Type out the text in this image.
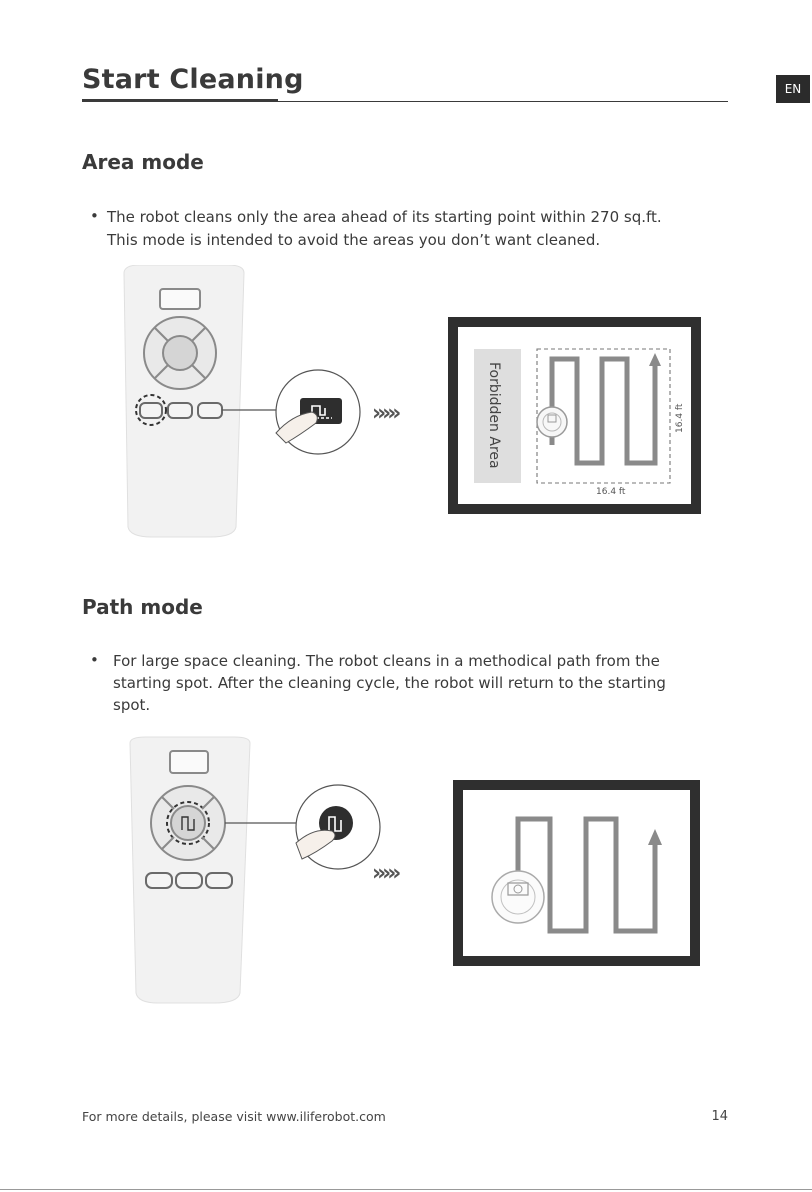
Start Cleaning	EN
Area mode
• The robot cleans only the area ahead of its starting point within 270 sq.ft.
This mode is intended to avoid the areas you don’t want cleaned.
›››››	Forbidden Area
16.4 ft
16.4 ft
Path mode
• For large space cleaning. The robot cleans in a methodical path from the
starting spot. After the cleaning cycle, the robot will return to the starting
spot.
›››››
For more details, please visit www.iliferobot.com	14
